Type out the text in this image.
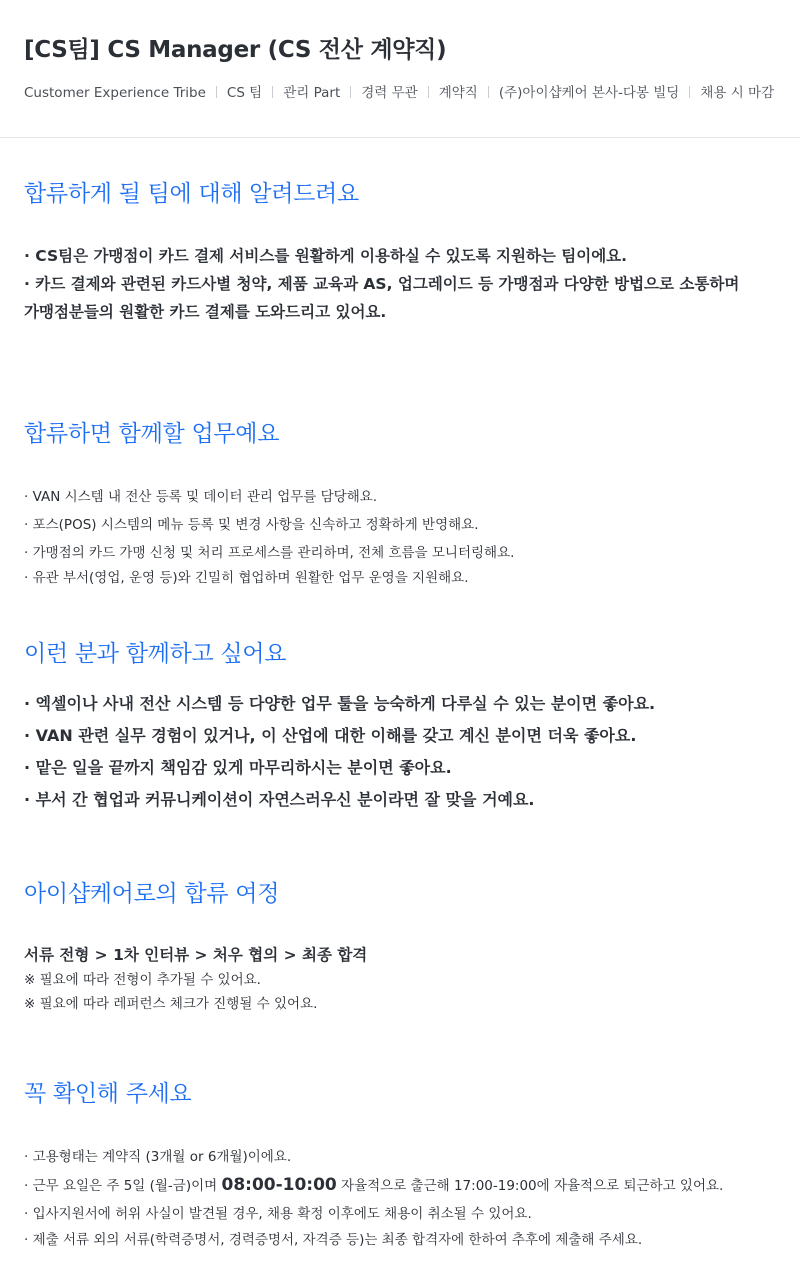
[CS팀] CS Manager (CS 전산 계약직)
Customer Experience Tribe	CS 팀	관리 Part	경력 무관	계약직	(주)아이샵케어 본사-다봉 빌딩	채용 시 마감
합류하게 될 팀에 대해 알려드려요
· CS팀은 가맹점이 카드 결제 서비스를 원활하게 이용하실 수 있도록 지원하는 팀이에요.
· 카드 결제와 관련된 카드사별 청약, 제품 교육과 AS, 업그레이드 등 가맹점과 다양한 방법으로 소통하며
가맹점분들의 원활한 카드 결제를 도와드리고 있어요.
합류하면 함께할 업무예요
· VAN 시스템 내 전산 등록 및 데이터 관리 업무를 담당해요.
· 포스(POS) 시스템의 메뉴 등록 및 변경 사항을 신속하고 정확하게 반영해요.
· 가맹점의 카드 가맹 신청 및 처리 프로세스를 관리하며, 전체 흐름을 모니터링해요.
· 유관 부서(영업, 운영 등)와 긴밀히 협업하며 원활한 업무 운영을 지원해요.
이런 분과 함께하고 싶어요
· 엑셀이나 사내 전산 시스템 등 다양한 업무 툴을 능숙하게 다루실 수 있는 분이면 좋아요.
· VAN 관련 실무 경험이 있거나, 이 산업에 대한 이해를 갖고 계신 분이면 더욱 좋아요.
· 맡은 일을 끝까지 책임감 있게 마무리하시는 분이면 좋아요.
· 부서 간 협업과 커뮤니케이션이 자연스러우신 분이라면 잘 맞을 거예요.
아이샵케어로의 합류 여정
서류 전형 > 1차 인터뷰 > 처우 협의 > 최종 합격
※ 필요에 따라 전형이 추가될 수 있어요.
※ 필요에 따라 레퍼런스 체크가 진행될 수 있어요.
꼭 확인해 주세요
· 고용형태는 계약직 (3개월 or 6개월)이에요.
· 근무 요일은 주 5일 (월-금)이며 08:00-10:00 자율적으로 출근해 17:00-19:00에 자율적으로 퇴근하고 있어요.
· 입사지원서에 허위 사실이 발견될 경우, 채용 확정 이후에도 채용이 취소될 수 있어요.
· 제출 서류 외의 서류(학력증명서, 경력증명서, 자격증 등)는 최종 합격자에 한하여 추후에 제출해 주세요.
